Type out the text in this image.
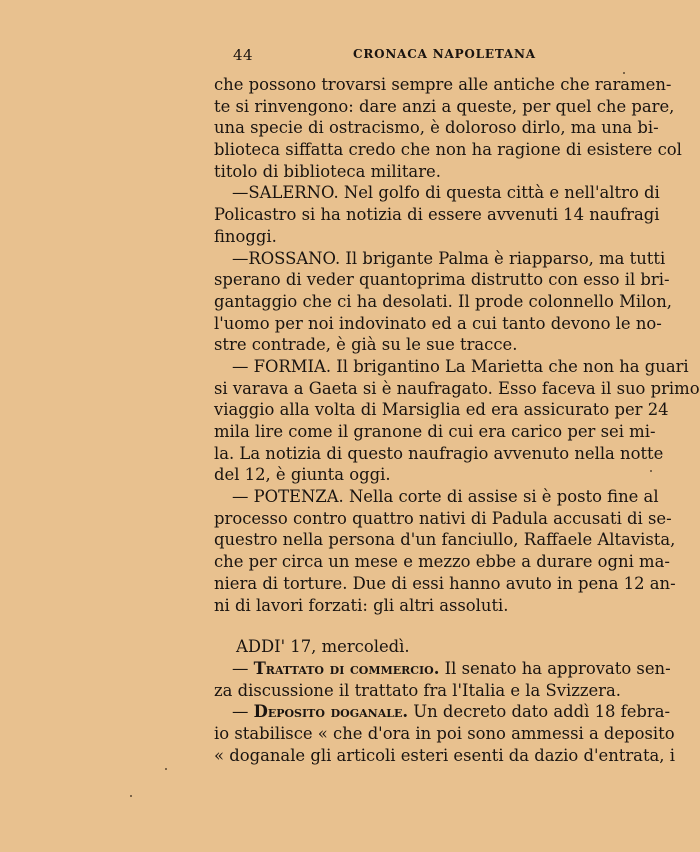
44	CRONACA NAPOLETANA
che possono trovarsi sempre alle antiche che raramen-
te si rinvengono: dare anzi a queste, per quel che pare,
una specie di ostracismo, è doloroso dirlo, ma una bi-
blioteca siffatta credo che non ha ragione di esistere col
titolo di biblioteca militare.
—SALERNO. Nel golfo di questa città e nell'altro di
Policastro si ha notizia di essere avvenuti 14 naufragi
finoggi.
—ROSSANO. Il brigante Palma è riapparso, ma tutti
sperano di veder quantoprima distrutto con esso il bri-
gantaggio che ci ha desolati. Il prode colonnello Milon,
l'uomo per noi indovinato ed a cui tanto devono le no-
stre contrade, è già su le sue tracce.
— FORMIA. Il brigantino La Marietta che non ha guari
si varava a Gaeta si è naufragato. Esso faceva il suo primo
viaggio alla volta di Marsiglia ed era assicurato per 24
mila lire come il granone di cui era carico per sei mi-
la. La notizia di questo naufragio avvenuto nella notte
del 12, è giunta oggi.
— POTENZA. Nella corte di assise si è posto fine al
processo contro quattro nativi di Padula accusati di se-
questro nella persona d'un fanciullo, Raffaele Altavista,
che per circa un mese e mezzo ebbe a durare ogni ma-
niera di torture. Due di essi hanno avuto in pena 12 an-
ni di lavori forzati: gli altri assoluti.
ADDI' 17, mercoledì.
— Trattato di commercio. Il senato ha approvato sen-
za discussione il trattato fra l'Italia e la Svizzera.
— Deposito doganale. Un decreto dato addì 18 febra-
io stabilisce « che d'ora in poi sono ammessi a deposito
« doganale gli articoli esteri esenti da dazio d'entrata, i
